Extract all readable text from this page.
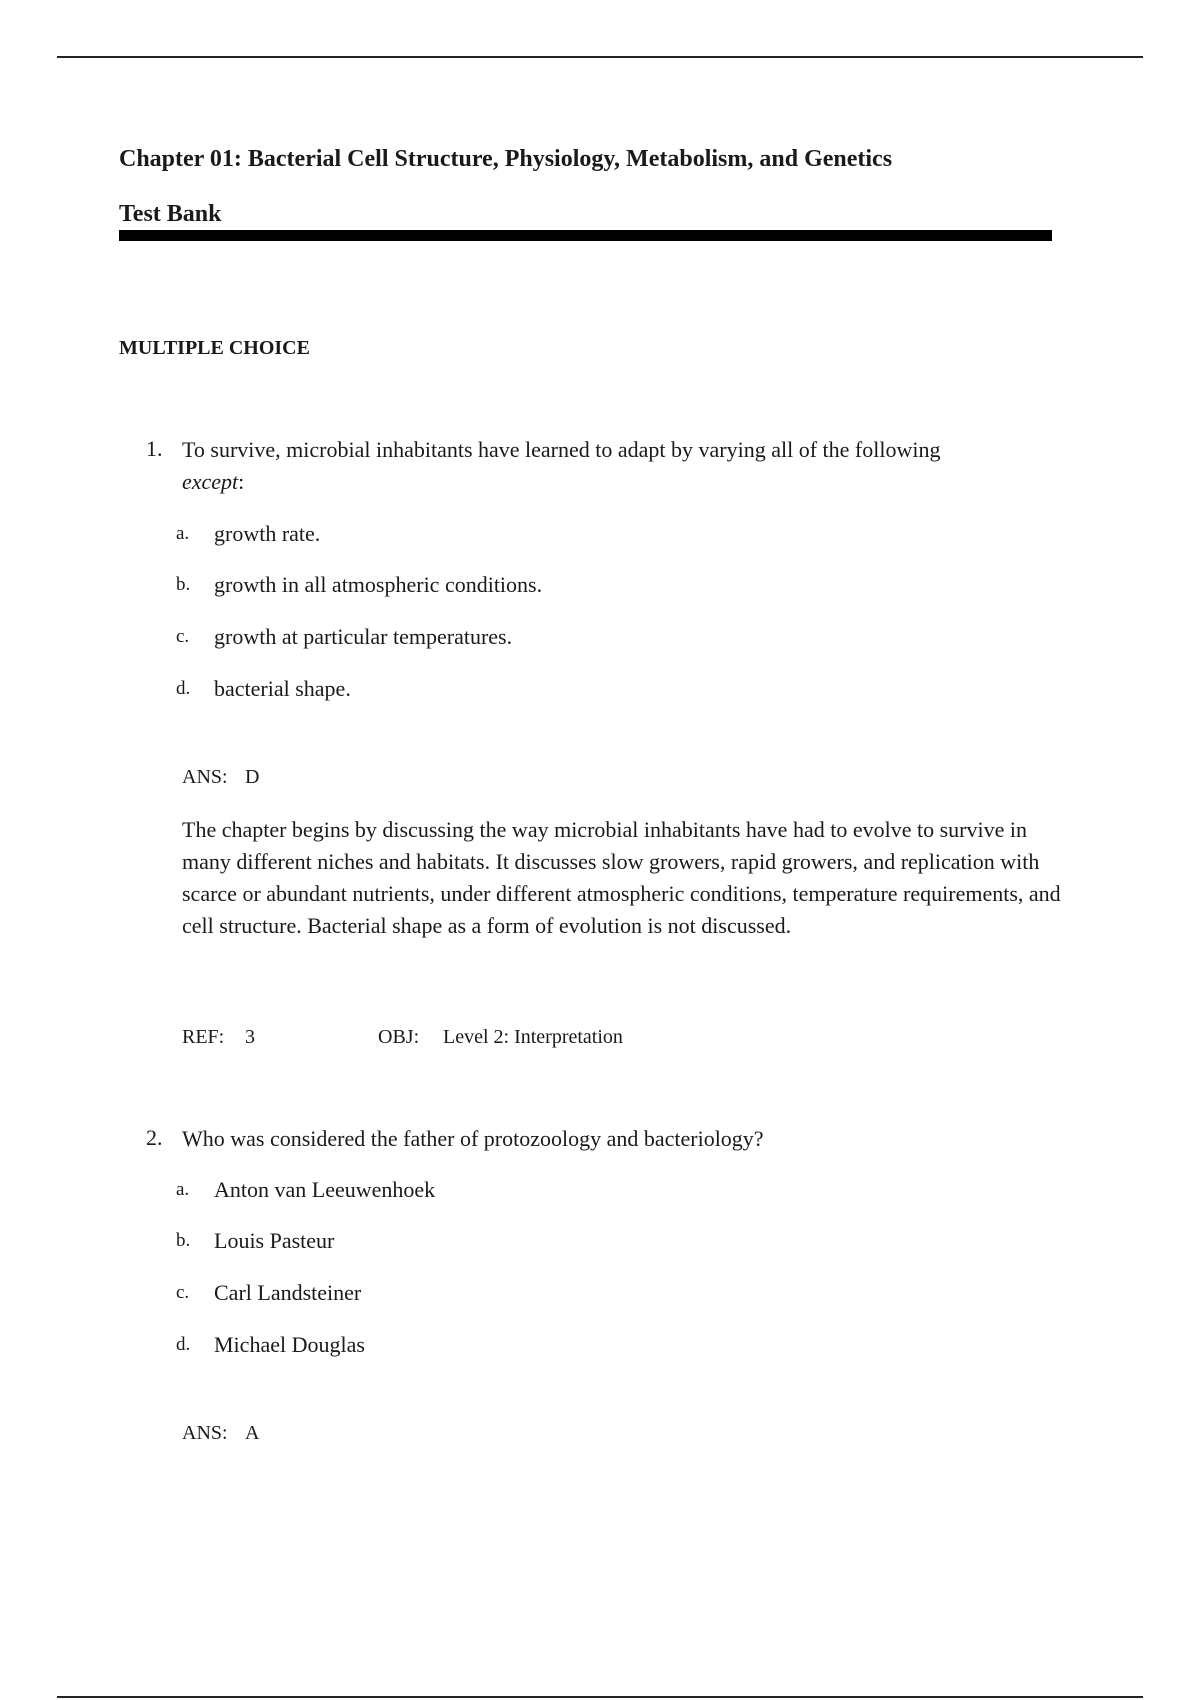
Chapter 01: Bacterial Cell Structure, Physiology, Metabolism, and Genetics
Test Bank
MULTIPLE CHOICE
1. To survive, microbial inhabitants have learned to adapt by varying all of the following
except:
a. growth rate.
b. growth in all atmospheric conditions.
c. growth at particular temperatures.
d. bacterial shape.
ANS: D
The chapter begins by discussing the way microbial inhabitants have had to evolve to survive in many different niches and habitats. It discusses slow growers, rapid growers, and replication with scarce or abundant nutrients, under different atmospheric conditions, temperature requirements, and cell structure. Bacterial shape as a form of evolution is not discussed.
REF: 3	OBJ: Level 2: Interpretation
2. Who was considered the father of protozoology and bacteriology?
a. Anton van Leeuwenhoek
b. Louis Pasteur
c. Carl Landsteiner
d. Michael Douglas
ANS: A
